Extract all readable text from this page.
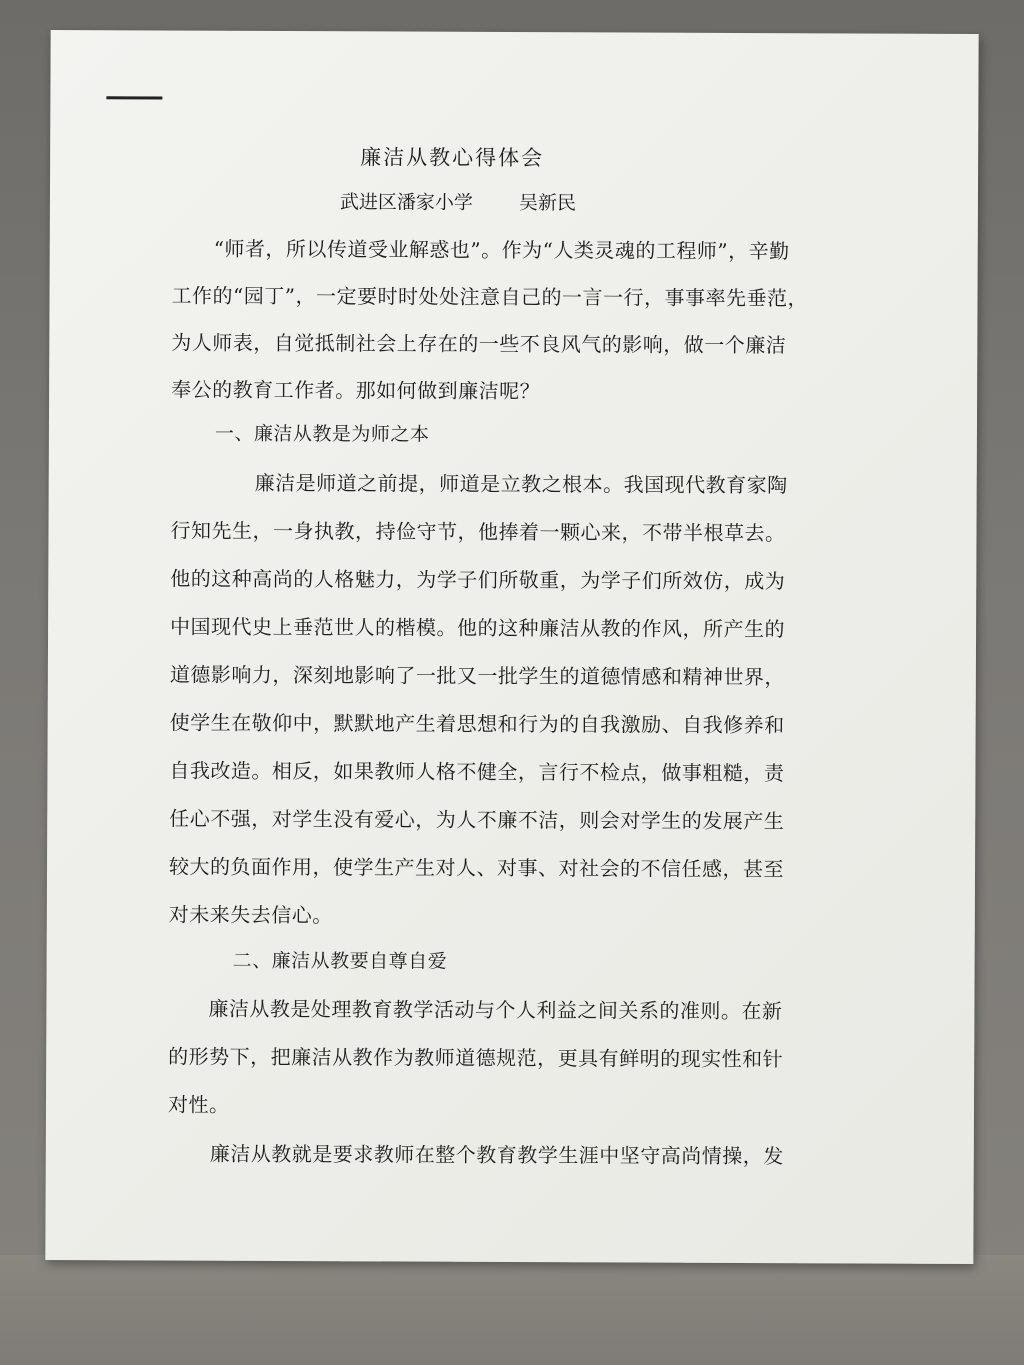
廉洁从教心得体会
武进区潘家小学 吴新民
“师者，所以传道受业解惑也”。作为“人类灵魂的工程师”，辛勤
工作的“园丁”，一定要时时处处注意自己的一言一行，事事率先垂范，
为人师表，自觉抵制社会上存在的一些不良风气的影响，做一个廉洁
奉公的教育工作者。那如何做到廉洁呢？
一、廉洁从教是为师之本
廉洁是师道之前提，师道是立教之根本。我国现代教育家陶
行知先生，一身执教，持俭守节，他捧着一颗心来，不带半根草去。
他的这种高尚的人格魅力，为学子们所敬重，为学子们所效仿，成为
中国现代史上垂范世人的楷模。他的这种廉洁从教的作风，所产生的
道德影响力，深刻地影响了一批又一批学生的道德情感和精神世界，
使学生在敬仰中，默默地产生着思想和行为的自我激励、自我修养和
自我改造。相反，如果教师人格不健全，言行不检点，做事粗糙，责
任心不强，对学生没有爱心，为人不廉不洁，则会对学生的发展产生
较大的负面作用，使学生产生对人、对事、对社会的不信任感，甚至
对未来失去信心。
二、廉洁从教要自尊自爱
廉洁从教是处理教育教学活动与个人利益之间关系的准则。在新
的形势下，把廉洁从教作为教师道德规范，更具有鲜明的现实性和针
对性。
廉洁从教就是要求教师在整个教育教学生涯中坚守高尚情操，发
